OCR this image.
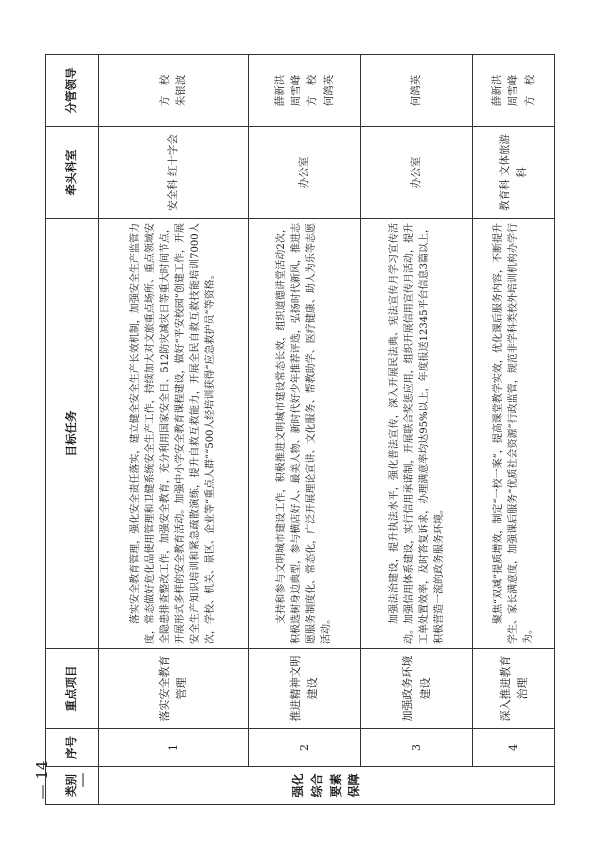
类别	序号	重点项目	目标任务	牵头科室	分管领导
强化综合要素保障	1	落实安全教育管理	落实安全教育管理，强化安全责任落实，建立健全安全生产长效机制，加强安全生产监管力度，常态做好危化品使用管理和卫健系统安全生产工作，持续加大对文旅重点场所、重点领域安全隐患排查整改工作，加强安全教育，充分利用国家安全日、512防灾减灾日等重大时间节点，开展形式多样的安全教育活动。加强中小学安全教育课程建设，做好“平安校园”创建工作，开展安全生产知识培训和紧急疏散演练，提升自救互救能力，开展全民自救互救技能培训7000人次，学校、机关、景区、企业等“重点人群”“500人经培训获得“应急救护员”等资格。	安全科 红十字会	方　校 朱银波

	2	推进精神文明建设	支持和参与文明城市建设工作，积极推进文明城市建设常态长效，组织道德讲堂活动2次，积极选树身边典型，参与横店好人、最美人物、新时代好少年推荐评选，弘扬时代新风，推进志愿服务制度化、常态化，广泛开展理论宣讲、文化服务、帮教助学、医疗健康、助人为乐等志愿活动。	办公室	薛新洪 周雪峰 方　校 何鸽英

	3	加强政务环境建设	加强法治建设，提升执法水平，强化普法宣传，深入开展民法典、宪法宣传月学习宣传活动。加强信用体系建设，实行信用承诺制，开展联合奖惩应用，组织开展信用宣传月活动，提升工单处置效率，及时答复诉求，办理满意率均达95%以上，年度报送12345平台信息3篇以上，积极营造一流的政务服务环境。	办公室	何鸽英

	4	深入推进教育治理	聚焦“双减”提质增效，制定“一校一案”，提高课堂教学实效，优化课后服务内容，不断提升学生、家长满意度，加强课后服务“优质社会资源”行政监管，规范非学科类校外培训机构办学行为。	教育科 文体旅游科	薛新洪 周雪峰 方　校
— 14 —
